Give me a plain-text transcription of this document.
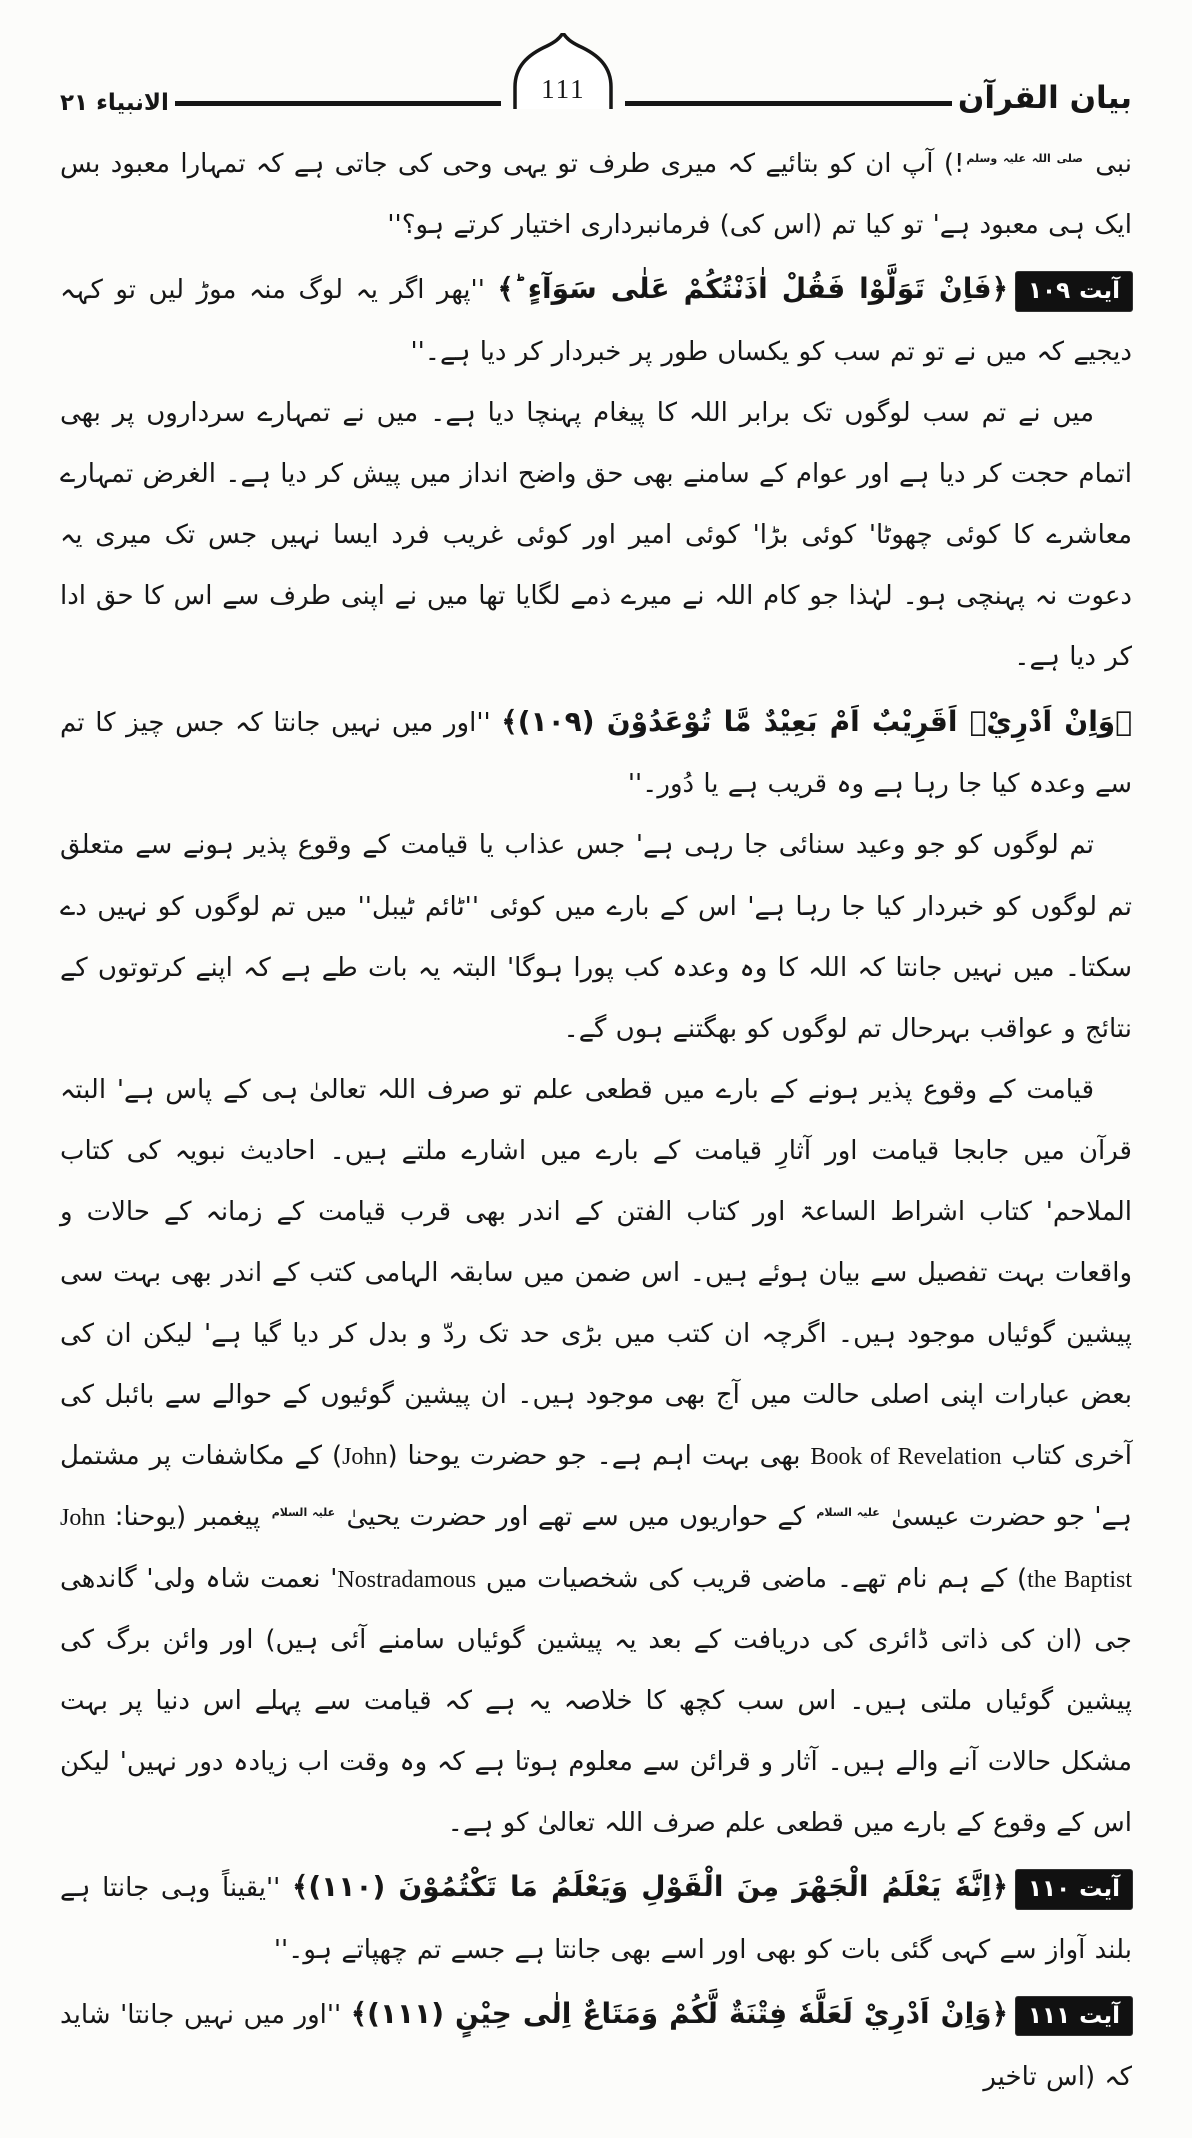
بیان القرآن
111
الانبیاء ۲۱

نبی $^{صلی اللہ علیہ وسلم}$!) آپ ان کو بتائیے کہ میری طرف تو یہی وحی کی جاتی ہے کہ تمہارا معبود بس ایک ہی معبود ہے' تو کیا تم (اس کی) فرمانبرداری اختیار کرتے ہو؟''

آیت ۱۰۹﴿فَاِنْ تَوَلَّوْا فَقُلْ اٰذَنْتُكُمْ عَلٰى سَوَآءٍ ؕ﴾ ''پھر اگر یہ لوگ منہ موڑ لیں تو کہہ دیجیے کہ میں نے تو تم سب کو یکساں طور پر خبردار کر دیا ہے۔''

میں نے تم سب لوگوں تک برابر اللہ کا پیغام پہنچا دیا ہے۔ میں نے تمہارے سرداروں پر بھی اتمام حجت کر دیا ہے اور عوام کے سامنے بھی حق واضح انداز میں پیش کر دیا ہے۔ الغرض تمہارے معاشرے کا کوئی چھوٹا' کوئی بڑا' کوئی امیر اور کوئی غریب فرد ایسا نہیں جس تک میری یہ دعوت نہ پہنچی ہو۔ لہٰذا جو کام اللہ نے میرے ذمے لگایا تھا میں نے اپنی طرف سے اس کا حق ادا کر دیا ہے۔

﴿وَاِنْ اَدْرِيْۤ اَقَرِيْبٌ اَمْ بَعِيْدٌ مَّا تُوْعَدُوْنَ (۱۰۹)﴾ ''اور میں نہیں جانتا کہ جس چیز کا تم سے وعدہ کیا جا رہا ہے وہ قریب ہے یا دُور۔''

تم لوگوں کو جو وعید سنائی جا رہی ہے' جس عذاب یا قیامت کے وقوع پذیر ہونے سے متعلق تم لوگوں کو خبردار کیا جا رہا ہے' اس کے بارے میں کوئی ''ٹائم ٹیبل'' میں تم لوگوں کو نہیں دے سکتا۔ میں نہیں جانتا کہ اللہ کا وہ وعدہ کب پورا ہوگا' البتہ یہ بات طے ہے کہ اپنے کرتوتوں کے نتائج و عواقب بہرحال تم لوگوں کو بھگتنے ہوں گے۔

قیامت کے وقوع پذیر ہونے کے بارے میں قطعی علم تو صرف اللہ تعالیٰ ہی کے پاس ہے' البتہ قرآن میں جابجا قیامت اور آثارِ قیامت کے بارے میں اشارے ملتے ہیں۔ احادیث نبویہ کی کتاب الملاحم' کتاب اشراط الساعۃ اور کتاب الفتن کے اندر بھی قرب قیامت کے زمانہ کے حالات و واقعات بہت تفصیل سے بیان ہوئے ہیں۔ اس ضمن میں سابقہ الہامی کتب کے اندر بھی بہت سی پیشین گوئیاں موجود ہیں۔ اگرچہ ان کتب میں بڑی حد تک ردّ و بدل کر دیا گیا ہے' لیکن ان کی بعض عبارات اپنی اصلی حالت میں آج بھی موجود ہیں۔ ان پیشین گوئیوں کے حوالے سے بائبل کی آخری کتاب Book of Revelation بھی بہت اہم ہے۔ جو حضرت یوحنا (John) کے مکاشفات پر مشتمل ہے' جو حضرت عیسیٰ $^{علیہ السلام}$ کے حواریوں میں سے تھے اور حضرت یحییٰ $^{علیہ السلام}$ پیغمبر (یوحنا: John the Baptist) کے ہم نام تھے۔ ماضی قریب کی شخصیات میں Nostradamous' نعمت شاہ ولی' گاندھی جی (ان کی ذاتی ڈائری کی دریافت کے بعد یہ پیشین گوئیاں سامنے آئی ہیں) اور وائن برگ کی پیشین گوئیاں ملتی ہیں۔ اس سب کچھ کا خلاصہ یہ ہے کہ قیامت سے پہلے اس دنیا پر بہت مشکل حالات آنے والے ہیں۔ آثار و قرائن سے معلوم ہوتا ہے کہ وہ وقت اب زیادہ دور نہیں' لیکن اس کے وقوع کے بارے میں قطعی علم صرف اللہ تعالیٰ کو ہے۔

آیت ۱۱۰﴿اِنَّهٗ يَعْلَمُ الْجَهْرَ مِنَ الْقَوْلِ وَيَعْلَمُ مَا تَكْتُمُوْنَ (۱۱۰)﴾ ''یقیناً وہی جانتا ہے بلند آواز سے کہی گئی بات کو بھی اور اسے بھی جانتا ہے جسے تم چھپاتے ہو۔''

آیت ۱۱۱﴿وَاِنْ اَدْرِيْ لَعَلَّهٗ فِتْنَةٌ لَّكُمْ وَمَتَاعٌ اِلٰى حِيْنٍ (۱۱۱)﴾ ''اور میں نہیں جانتا' شاید کہ (اس تاخیر
